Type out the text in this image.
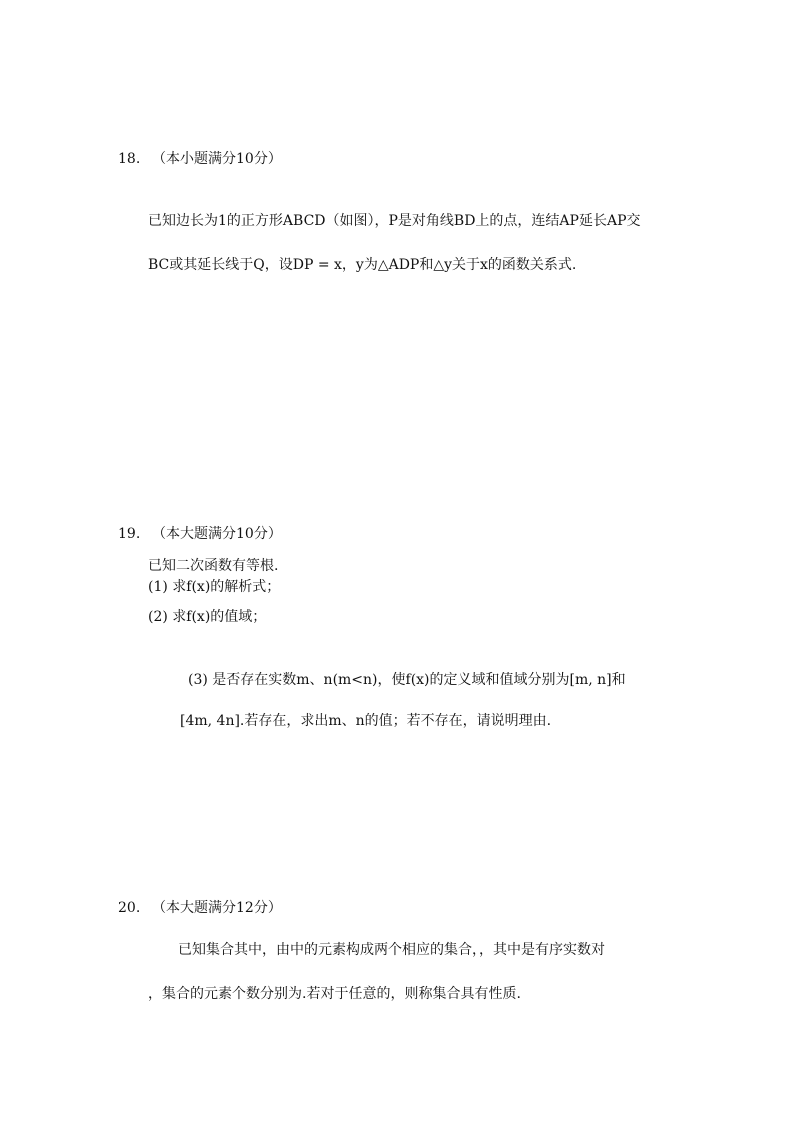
18. （本小题满分10分）
已知边长为1的正方形ABCD（如图），P是对角线BD上的点，连结AP延长AP交
BC或其延长线于Q，设DP = x，y为△ADP和△y关于x的函数关系式.
19. （本大题满分10分）
已知二次函数有等根.
(1) 求f(x)的解析式；
(2) 求f(x)的值域；
(3) 是否存在实数m、n(m<n)，使f(x)的定义域和值域分别为[m, n]和
[4m, 4n].若存在，求出m、n的值；若不存在，请说明理由.
20. （本大题满分12分）
已知集合其中，由中的元素构成两个相应的集合，，其中是有序实数对
，集合的元素个数分别为.若对于任意的，则称集合具有性质.
